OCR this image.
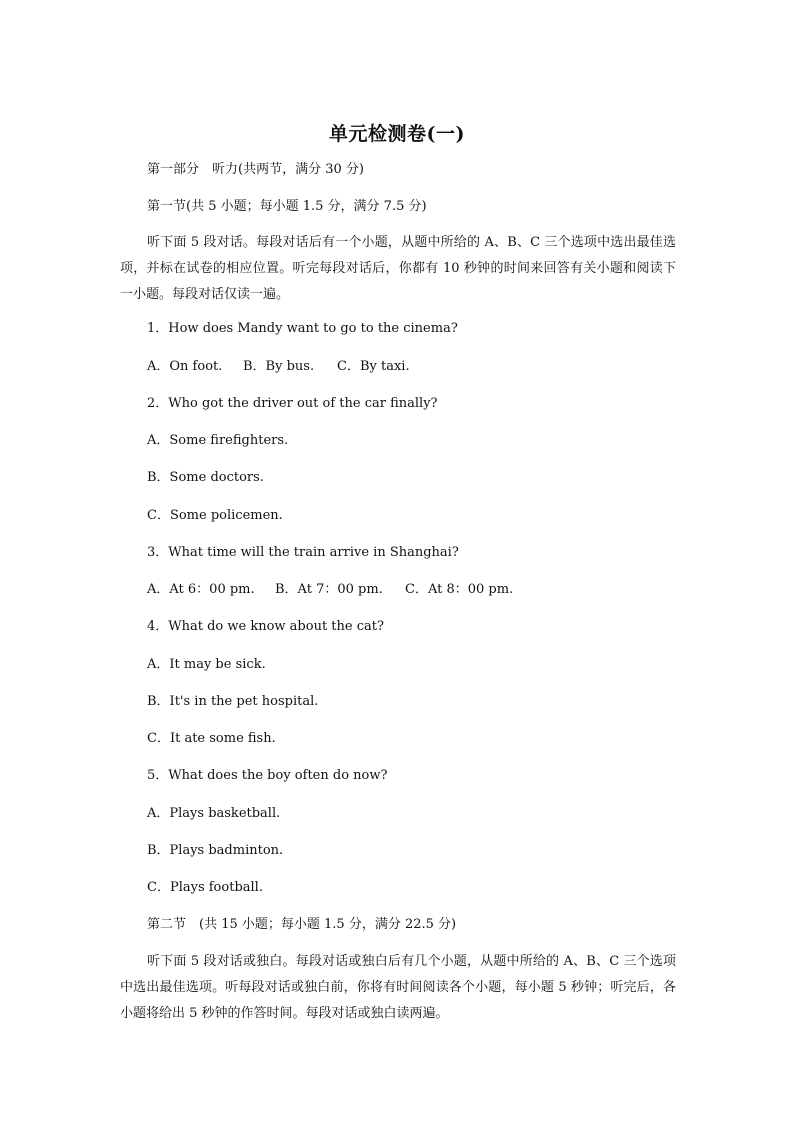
单元检测卷(一)
第一部分　听力(共两节，满分 30 分)
第一节(共 5 小题；每小题 1.5 分，满分 7.5 分)
听下面 5 段对话。每段对话后有一个小题，从题中所给的 A、B、C 三个选项中选出最佳选项，并标在试卷的相应位置。听完每段对话后，你都有 10 秒钟的时间来回答有关小题和阅读下一小题。每段对话仅读一遍。
1．How does Mandy want to go to the cinema?
A．On foot. B．By bus. C．By taxi.
2．Who got the driver out of the car finally?
A．Some firefighters.
B．Some doctors.
C．Some policemen.
3．What time will the train arrive in Shanghai?
A．At 6：00 pm. B．At 7：00 pm. C．At 8：00 pm.
4．What do we know about the cat?
A．It may be sick.
B．It's in the pet hospital.
C．It ate some fish.
5．What does the boy often do now?
A．Plays basketball.
B．Plays badminton.
C．Plays football.
第二节　(共 15 小题；每小题 1.5 分，满分 22.5 分)
听下面 5 段对话或独白。每段对话或独白后有几个小题，从题中所给的 A、B、C 三个选项中选出最佳选项。听每段对话或独白前，你将有时间阅读各个小题，每小题 5 秒钟；听完后，各小题将给出 5 秒钟的作答时间。每段对话或独白读两遍。
